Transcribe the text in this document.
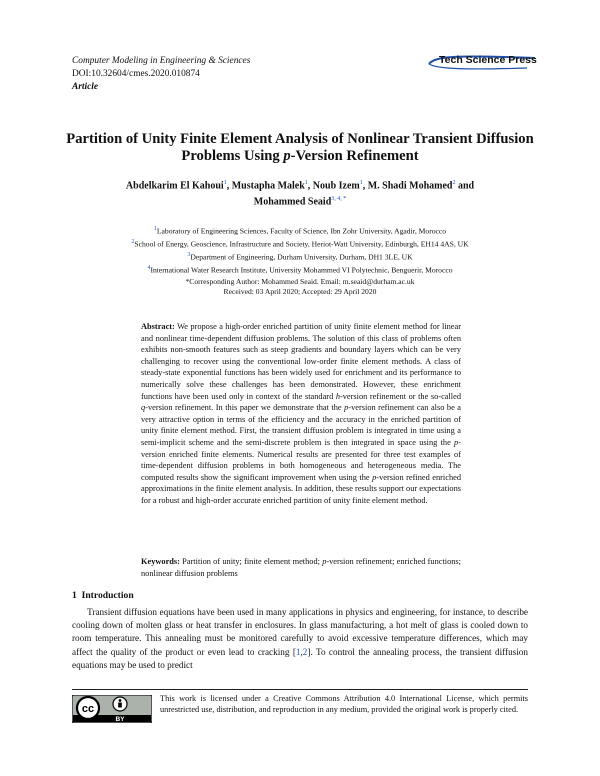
Computer Modeling in Engineering & Sciences
DOI:10.32604/cmes.2020.010874
Article
Tech Science Press
Partition of Unity Finite Element Analysis of Nonlinear Transient Diffusion
Problems Using p-Version Refinement
Abdelkarim El Kahoui$^1$, Mustapha Malek$^1$, Noub Izem$^1$, M. Shadi Mohamed$^2$ and
Mohammed Seaid$^{3, 4, *}$
$^1$Laboratory of Engineering Sciences, Faculty of Science, Ibn Zohr University, Agadir, Morocco
$^2$School of Energy, Geoscience, Infrastructure and Society, Heriot-Watt University, Edinburgh, EH14 4AS, UK
$^3$Department of Engineering, Durham University, Durham, DH1 3LE, UK
$^4$International Water Research Institute, University Mohammed VI Polytechnic, Benguerir, Morocco
*Corresponding Author: Mohammed Seaid. Email: m.seaid@durham.ac.uk
Received: 03 April 2020; Accepted: 29 April 2020
Abstract: We propose a high-order enriched partition of unity finite element method for linear and nonlinear time-dependent diffusion problems. The solution of this class of problems often exhibits non-smooth features such as steep gradients and boundary layers which can be very challenging to recover using the conventional low-order finite element methods. A class of steady-state exponential functions has been widely used for enrichment and its performance to numerically solve these challenges has been demonstrated. However, these enrichment functions have been used only in context of the standard h-version refinement or the so-called q-version refinement. In this paper we demonstrate that the p-version refinement can also be a very attractive option in terms of the efficiency and the accuracy in the enriched partition of unity finite element method. First, the transient diffusion problem is integrated in time using a semi-implicit scheme and the semi-discrete problem is then integrated in space using the p-version enriched finite elements. Numerical results are presented for three test examples of time-dependent diffusion problems in both homogeneous and heterogeneous media. The computed results show the significant improvement when using the p-version refined enriched approximations in the finite element analysis. In addition, these results support our expectations for a robust and high-order accurate enriched partition of unity finite element method.
Keywords: Partition of unity; finite element method; p-version refinement; enriched functions; nonlinear diffusion problems
1 Introduction
Transient diffusion equations have been used in many applications in physics and engineering, for instance, to describe cooling down of molten glass or heat transfer in enclosures. In glass manufacturing, a hot melt of glass is cooled down to room temperature. This annealing must be monitored carefully to avoid excessive temperature differences, which may affect the quality of the product or even lead to cracking [1,2]. To control the annealing process, the transient diffusion equations may be used to predict
cc
BY
This work is licensed under a Creative Commons Attribution 4.0 International License, which permits unrestricted use, distribution, and reproduction in any medium, provided the original work is properly cited.
